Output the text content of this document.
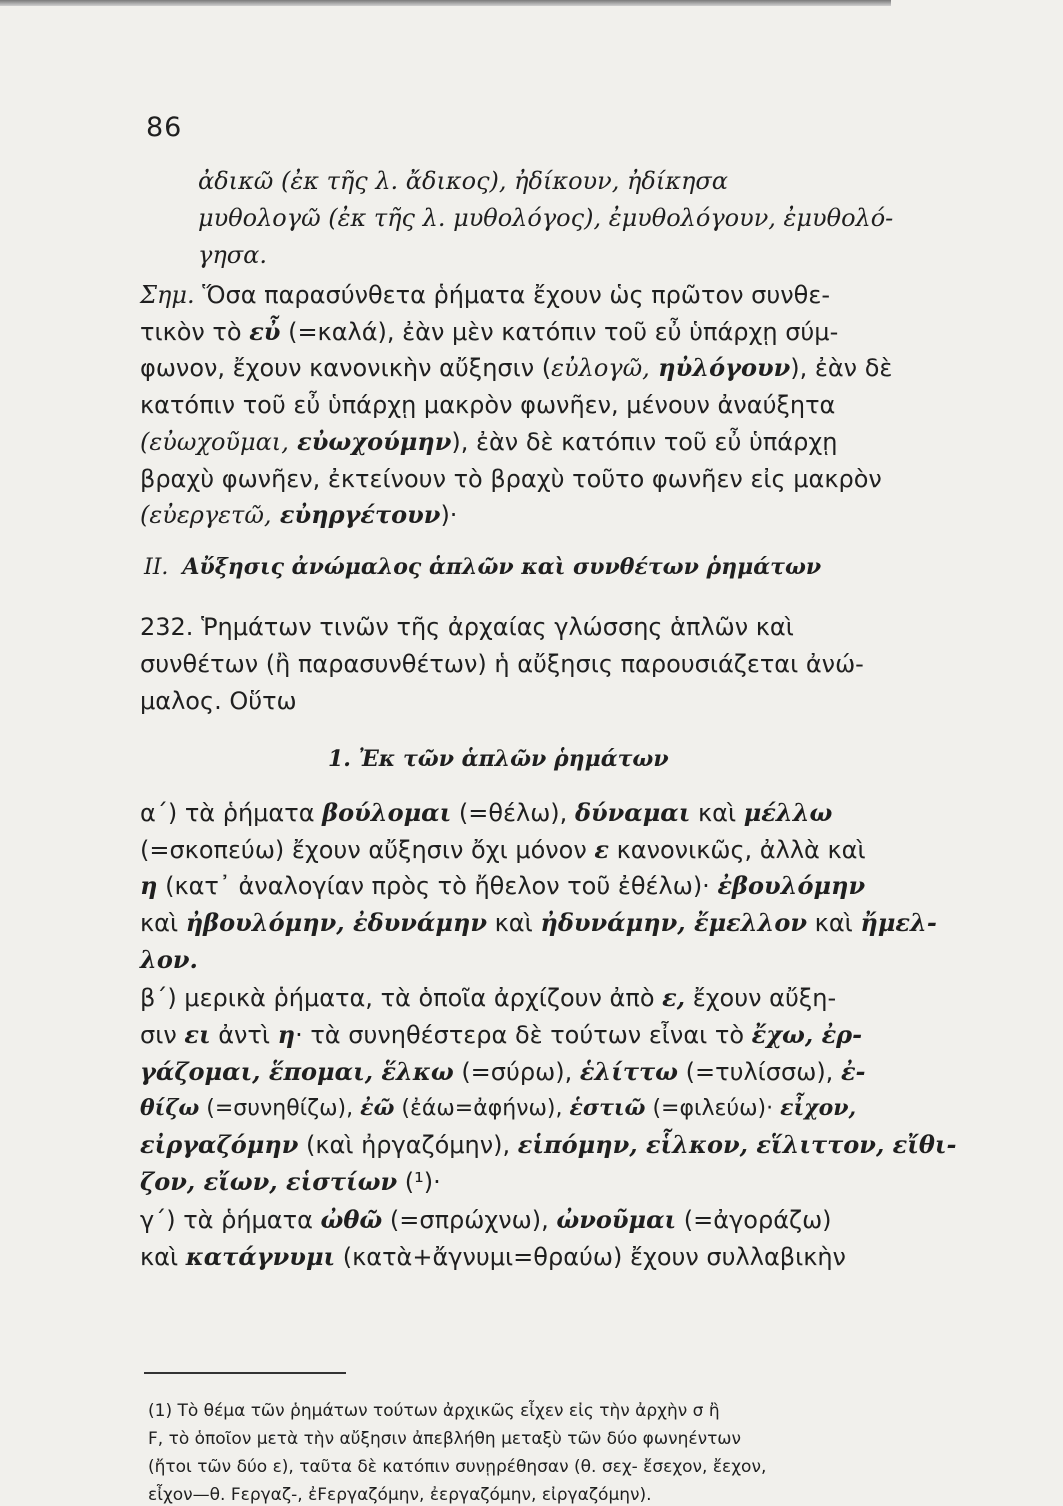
86
ἀδικῶ (ἐκ τῆς λ. ἄδικος), ἠδίκουν, ἠδίκησα
μυθολογῶ (ἐκ τῆς λ. μυθολόγος), ἐμυθολόγουν, ἐμυθολό-
γησα.
Σημ. Ὅσα παρασύνθετα ῥήματα ἔχουν ὡς πρῶτον συνθε-
τικὸν τὸ εὖ (=καλά), ἐὰν μὲν κατόπιν τοῦ εὖ ὑπάρχῃ σύμ-
φωνον, ἔχουν κανονικὴν αὔξησιν (εὐλογῶ, ηὐλόγουν), ἐὰν δὲ
κατόπιν τοῦ εὖ ὑπάρχῃ μακρὸν φωνῆεν, μένουν ἀναύξητα
(εὐωχοῦμαι, εὐωχούμην), ἐὰν δὲ κατόπιν τοῦ εὖ ὑπάρχῃ
βραχὺ φωνῆεν, ἐκτείνουν τὸ βραχὺ τοῦτο φωνῆεν εἰς μακρὸν
(εὐεργετῶ, εὐηργέτουν)·
ΙΙ. Αὔξησις ἀνώμαλος ἁπλῶν καὶ συνθέτων ῥημάτων
232. Ῥημάτων τινῶν τῆς ἀρχαίας γλώσσης ἁπλῶν καὶ
συνθέτων (ἢ παρασυνθέτων) ἡ αὔξησις παρουσιάζεται ἀνώ-
μαλος. Οὕτω
1. Ἐκ τῶν ἁπλῶν ῥημάτων
α΄) τὰ ῥήματα βούλομαι (=θέλω), δύναμαι καὶ μέλλω
(=σκοπεύω) ἔχουν αὔξησιν ὄχι μόνον ε κανονικῶς, ἀλλὰ καὶ
η (κατ᾽ ἀναλογίαν πρὸς τὸ ἤθελον τοῦ ἐθέλω)· ἐβουλόμην
καὶ ἠβουλόμην, ἐδυνάμην καὶ ἠδυνάμην, ἔμελλον καὶ ἤμελ-
λον.
β΄) μερικὰ ῥήματα, τὰ ὁποῖα ἀρχίζουν ἀπὸ ε, ἔχουν αὔξη-
σιν ει ἀντὶ η· τὰ συνηθέστερα δὲ τούτων εἶναι τὸ ἔχω, ἐρ-
γάζομαι, ἕπομαι, ἕλκω (=σύρω), ἑλίττω (=τυλίσσω), ἐ-
θίζω (=συνηθίζω), ἐῶ (ἐάω=ἀφήνω), ἑστιῶ (=φιλεύω)· εἶχον,
εἰργαζόμην (καὶ ἠργαζόμην), εἱπόμην, εἷλκον, εἵλιττον, εἴθι-
ζον, εἴων, εἱστίων (¹)·
γ΄) τὰ ῥήματα ὠθῶ (=σπρώχνω), ὠνοῦμαι (=ἀγοράζω)
καὶ κατάγνυμι (κατὰ+ἄγνυμι=θραύω) ἔχουν συλλαβικὴν
(1) Τὸ θέμα τῶν ῥημάτων τούτων ἀρχικῶς εἶχεν εἰς τὴν ἀρχὴν σ ἢ
Ϝ, τὸ ὁποῖον μετὰ τὴν αὔξησιν ἀπεβλήθη μεταξὺ τῶν δύο φωνηέντων
(ἤτοι τῶν δύο ε), ταῦτα δὲ κατόπιν συνῃρέθησαν (θ. σεχ- ἔσεχον, ἔεχον,
εἶχον—θ. Ϝεργαζ-, ἐϜεργαζόμην, ἐεργαζόμην, εἰργαζόμην).
